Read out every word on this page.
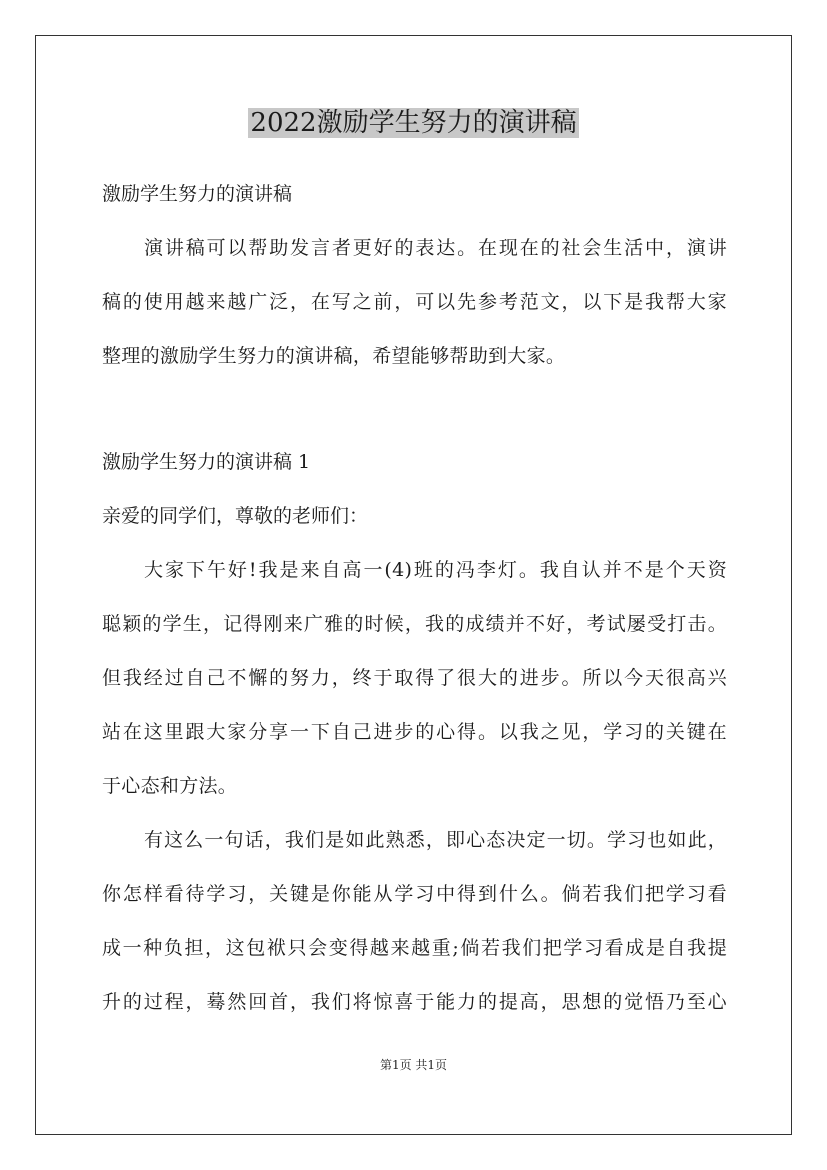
2022激励学生努力的演讲稿
激励学生努力的演讲稿
演讲稿可以帮助发言者更好的表达。在现在的社会生活中，演讲
稿的使用越来越广泛，在写之前，可以先参考范文，以下是我帮大家
整理的激励学生努力的演讲稿，希望能够帮助到大家。
激励学生努力的演讲稿 1
亲爱的同学们，尊敬的老师们：
大家下午好!我是来自高一(4)班的冯李灯。我自认并不是个天资
聪颖的学生，记得刚来广雅的时候，我的成绩并不好，考试屡受打击。
但我经过自己不懈的努力，终于取得了很大的进步。所以今天很高兴
站在这里跟大家分享一下自己进步的心得。以我之见，学习的关键在
于心态和方法。
有这么一句话，我们是如此熟悉，即心态决定一切。学习也如此，
你怎样看待学习，关键是你能从学习中得到什么。倘若我们把学习看
成一种负担，这包袱只会变得越来越重;倘若我们把学习看成是自我提
升的过程，蓦然回首，我们将惊喜于能力的提高，思想的觉悟乃至心
第1页 共1页
